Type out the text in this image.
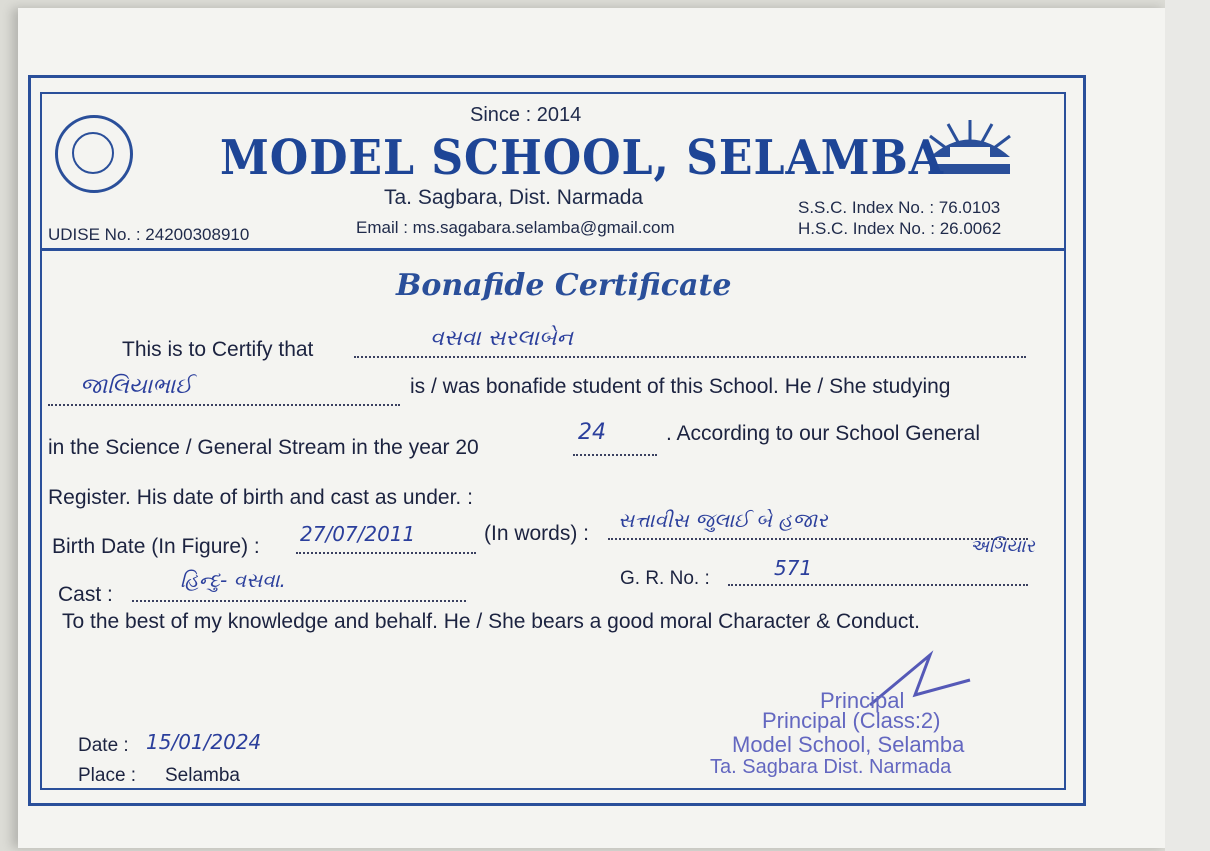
Since : 2014
MODEL SCHOOL, SELAMBA
Ta. Sagbara, Dist. Narmada
UDISE No. : 24200308910	Email : ms.sagabara.selamba@gmail.com
S.S.C. Index No. : 76.0103
H.S.C. Index No. : 26.0062
Bonafide Certificate
This is to Certify that	વસવા સરલાબેન
જાલિયાભાઈ	is / was bonafide student of this School. He / She studying
in the Science / General Stream in the year 20
24	. According to our School General
Register. His date of birth and cast as under. :
Birth Date (In Figure) :
27/07/2011	(In words) :
સત્તાવીસ જુલાઈ બે હજાર
અગિયાર
Cast :
હિન્દુ- વસવા.	G. R. No. :	571
To the best of my knowledge and behalf. He / She bears a good moral Character & Conduct.
Date : 15/01/2024
Place : Selamba
Principal
Principal (Class:2)
Model School, Selamba
Ta. Sagbara Dist. Narmada
